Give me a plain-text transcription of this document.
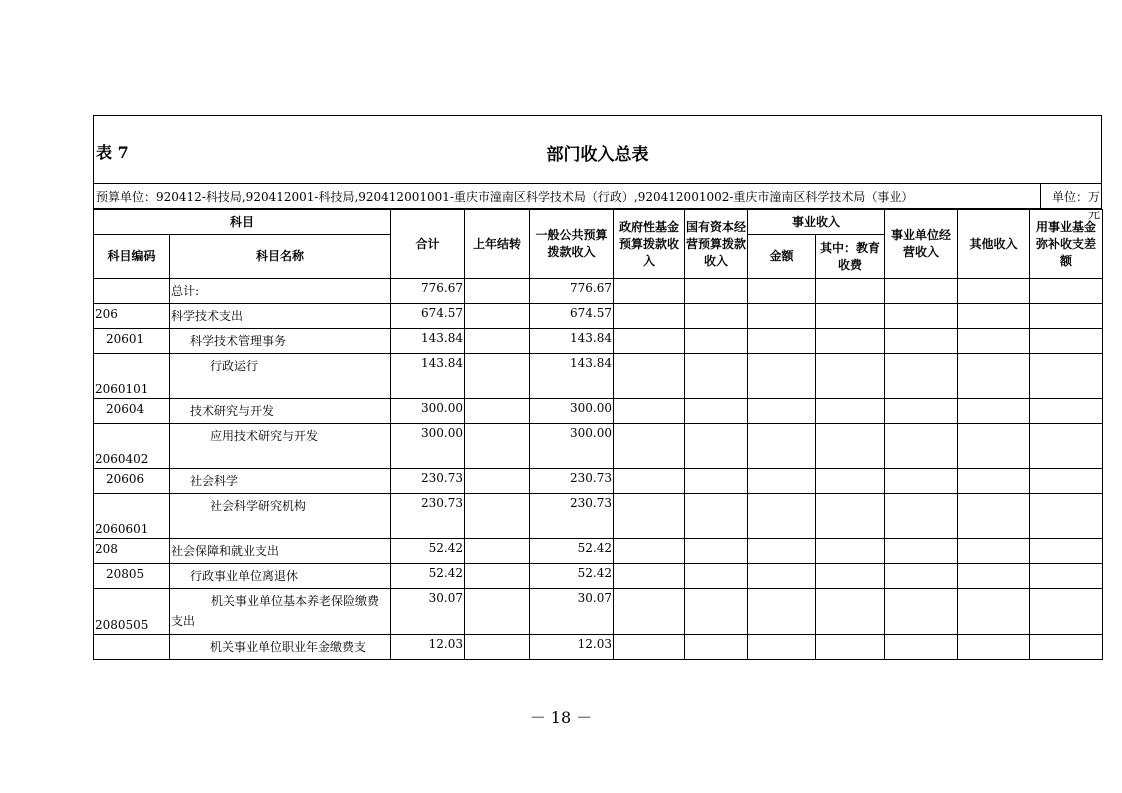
表 7	部门收入总表
预算单位：920412-科技局,920412001-科技局,920412001001-重庆市潼南区科学技术局（行政）,920412001002-重庆市潼南区科学技术局（事业）	单位：万元
科目		合计	上年结转	一般公共预算拨款收入	政府性基金预算拨款收入	国有资本经营预算拨款收入	事业收入		事业单位经营收入	其他收入	用事业基金弥补收支差额
科目编码	科目名称						金额	其中：教育收费			
	总计:	776.67		776.67							
206	科学技术支出	674.57		674.57							
20601	科学技术管理事务	143.84		143.84							
2060101	行政运行	143.84		143.84							
20604	技术研究与开发	300.00		300.00							
2060402	应用技术研究与开发	300.00		300.00							
20606	社会科学	230.73		230.73							
2060601	社会科学研究机构	230.73		230.73							
208	社会保障和就业支出	52.42		52.42							
20805	行政事业单位离退休	52.42		52.42							
2080505	机关事业单位基本养老保险缴费支出	30.07		30.07							
	机关事业单位职业年金缴费支	12.03		12.03							
－ 18 －
